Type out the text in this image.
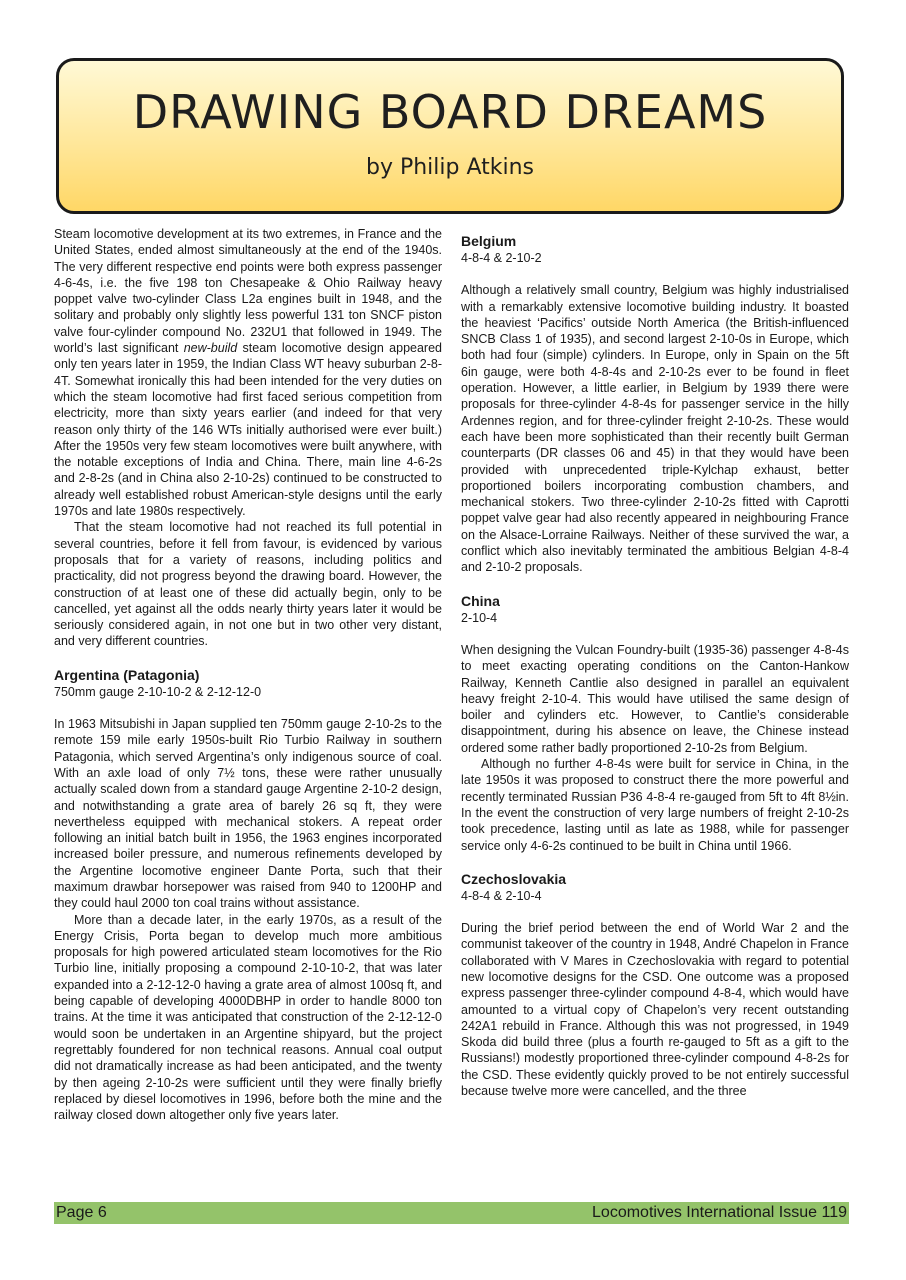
DRAWING BOARD DREAMS
by Philip Atkins

Steam locomotive development at its two extremes, in France and the United States, ended almost simultaneously at the end of the 1940s. The very different respective end points were both express passenger 4-6-4s, i.e. the five 198 ton Chesapeake & Ohio Railway heavy poppet valve two-cylinder Class L2a engines built in 1948, and the solitary and probably only slightly less powerful 131 ton SNCF piston valve four-cylinder compound No. 232U1 that followed in 1949. The world’s last significant new-build steam locomotive design appeared only ten years later in 1959, the Indian Class WT heavy suburban 2-8-4T. Somewhat ironically this had been intended for the very duties on which the steam locomotive had first faced serious competition from electricity, more than sixty years earlier (and indeed for that very reason only thirty of the 146 WTs initially authorised were ever built.) After the 1950s very few steam locomotives were built anywhere, with the notable exceptions of India and China. There, main line 4-6-2s and 2-8-2s (and in China also 2-10-2s) continued to be constructed to already well established robust American-style designs until the early 1970s and late 1980s respectively.

That the steam locomotive had not reached its full potential in several countries, before it fell from favour, is evidenced by various proposals that for a variety of reasons, including politics and practicality, did not progress beyond the drawing board. However, the construction of at least one of these did actually begin, only to be cancelled, yet against all the odds nearly thirty years later it would be seriously considered again, in not one but in two other very distant, and very different countries.

Argentina (Patagonia)

750mm gauge 2-10-10-2 & 2-12-12-0

In 1963 Mitsubishi in Japan supplied ten 750mm gauge 2-10-2s to the remote 159 mile early 1950s-built Rio Turbio Railway in southern Patagonia, which served Argentina’s only indigenous source of coal. With an axle load of only 7½ tons, these were rather unusually actually scaled down from a standard gauge Argentine 2-10-2 design, and notwithstanding a grate area of barely 26 sq ft, they were nevertheless equipped with mechanical stokers. A repeat order following an initial batch built in 1956, the 1963 engines incorporated increased boiler pressure, and numerous refinements developed by the Argentine locomotive engineer Dante Porta, such that their maximum drawbar horsepower was raised from 940 to 1200HP and they could haul 2000 ton coal trains without assistance.

More than a decade later, in the early 1970s, as a result of the Energy Crisis, Porta began to develop much more ambitious proposals for high powered articulated steam locomotives for the Rio Turbio line, initially proposing a compound 2-10-10-2, that was later expanded into a 2-12-12-0 having a grate area of almost 100sq ft, and being capable of developing 4000DBHP in order to handle 8000 ton trains. At the time it was anticipated that construction of the 2-12-12-0 would soon be undertaken in an Argentine shipyard, but the project regrettably foundered for non technical reasons. Annual coal output did not dramatically increase as had been anticipated, and the twenty by then ageing 2-10-2s were sufficient until they were finally briefly replaced by diesel locomotives in 1996, before both the mine and the railway closed down altogether only five years later.

Belgium

4-8-4 & 2-10-2

Although a relatively small country, Belgium was highly industrialised with a remarkably extensive locomotive building industry. It boasted the heaviest ‘Pacifics’ outside North America (the British-influenced SNCB Class 1 of 1935), and second largest 2-10-0s in Europe, which both had four (simple) cylinders. In Europe, only in Spain on the 5ft 6in gauge, were both 4-8-4s and 2-10-2s ever to be found in fleet operation. However, a little earlier, in Belgium by 1939 there were proposals for three-cylinder 4-8-4s for passenger service in the hilly Ardennes region, and for three-cylinder freight 2-10-2s. These would each have been more sophisticated than their recently built German counterparts (DR classes 06 and 45) in that they would have been provided with unprecedented triple-Kylchap exhaust, better proportioned boilers incorporating combustion chambers, and mechanical stokers. Two three-cylinder 2-10-2s fitted with Caprotti poppet valve gear had also recently appeared in neighbouring France on the Alsace-Lorraine Railways. Neither of these survived the war, a conflict which also inevitably terminated the ambitious Belgian 4-8-4 and 2-10-2 proposals.

China

2-10-4

When designing the Vulcan Foundry-built (1935-36) passenger 4-8-4s to meet exacting operating conditions on the Canton-Hankow Railway, Kenneth Cantlie also designed in parallel an equivalent heavy freight 2-10-4. This would have utilised the same design of boiler and cylinders etc. However, to Cantlie’s considerable disappointment, during his absence on leave, the Chinese instead ordered some rather badly proportioned 2-10-2s from Belgium.

Although no further 4-8-4s were built for service in China, in the late 1950s it was proposed to construct there the more powerful and recently terminated Russian P36 4-8-4 re-gauged from 5ft to 4ft 8½in. In the event the construction of very large numbers of freight 2-10-2s took precedence, lasting until as late as 1988, while for passenger service only 4-6-2s continued to be built in China until 1966.

Czechoslovakia

4-8-4 & 2-10-4

During the brief period between the end of World War 2 and the communist takeover of the country in 1948, André Chapelon in France collaborated with V Mares in Czechoslovakia with regard to potential new locomotive designs for the CSD. One outcome was a proposed express passenger three-cylinder compound 4-8-4, which would have amounted to a virtual copy of Chapelon’s very recent outstanding 242A1 rebuild in France. Although this was not progressed, in 1949 Skoda did build three (plus a fourth re-gauged to 5ft as a gift to the Russians!) modestly proportioned three-cylinder compound 4-8-2s for the CSD. These evidently quickly proved to be not entirely successful because twelve more were cancelled, and the three

Page 6	Locomotives International Issue 119
